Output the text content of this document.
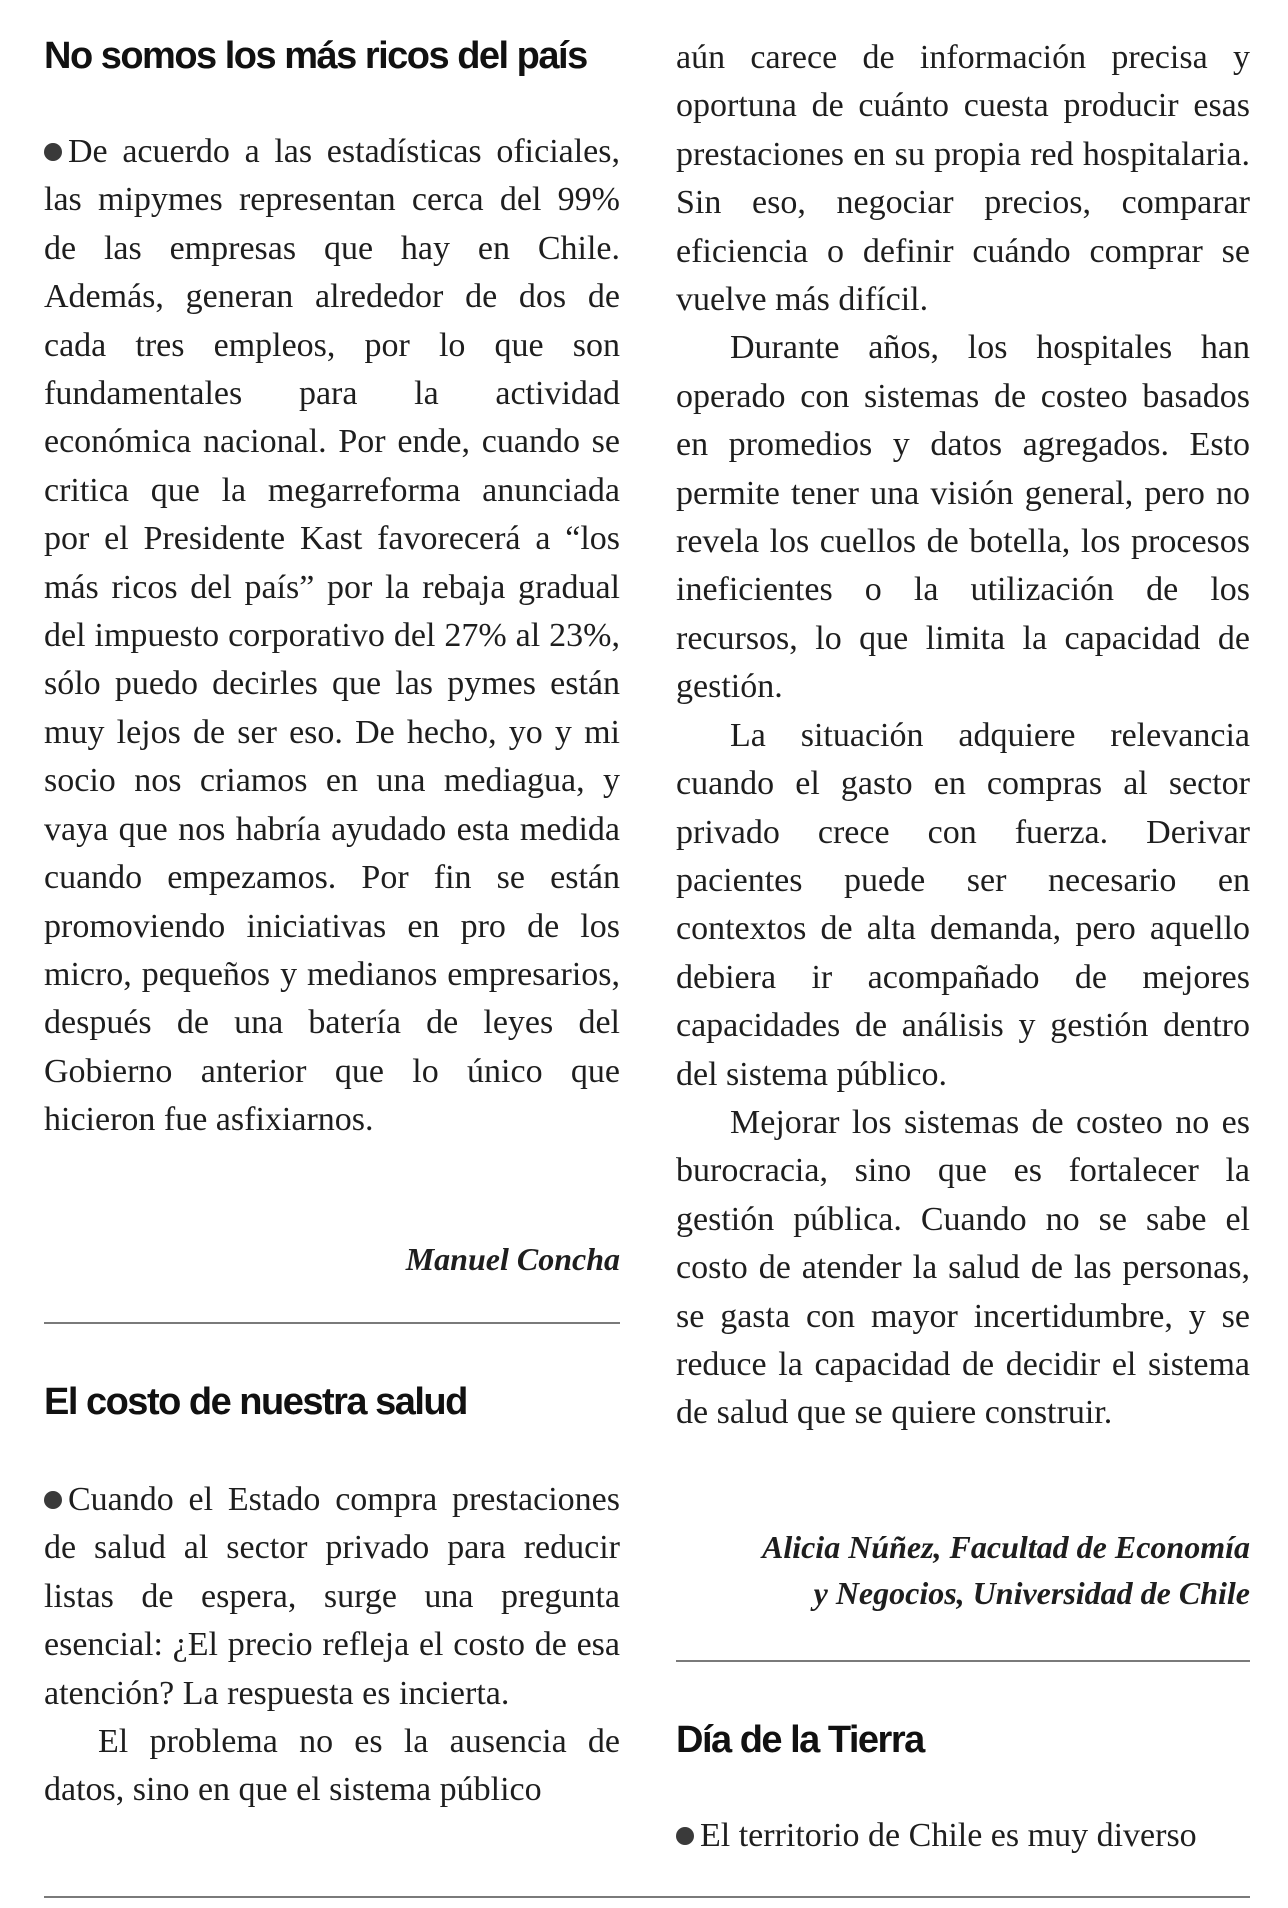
No somos los más ricos del país

De acuerdo a las estadísticas oficiales, las mipymes representan cerca del 99% de las empresas que hay en Chile. Además, generan alrededor de dos de cada tres empleos, por lo que son fundamentales para la actividad económica nacional. Por ende, cuando se critica que la megarreforma anunciada por el Presidente Kast favorecerá a “los más ricos del país” por la rebaja gradual del impuesto corporativo del 27% al 23%, sólo puedo decirles que las pymes están muy lejos de ser eso. De hecho, yo y mi socio nos criamos en una mediagua, y vaya que nos habría ayudado esta medida cuando empezamos. Por fin se están promoviendo iniciativas en pro de los micro, pequeños y medianos empresarios, después de una batería de leyes del Gobierno anterior que lo único que hicieron fue asfixiarnos.

Manuel Concha

El costo de nuestra salud

Cuando el Estado compra prestaciones de salud al sector privado para reducir listas de espera, surge una pregunta esencial: ¿El precio refleja el costo de esa atención? La respuesta es incierta.

El problema no es la ausencia de datos, sino en que el sistema público

aún carece de información precisa y oportuna de cuánto cuesta producir esas prestaciones en su propia red hospitalaria. Sin eso, negociar precios, comparar eficiencia o definir cuándo comprar se vuelve más difícil.

Durante años, los hospitales han operado con sistemas de costeo basados en promedios y datos agregados. Esto permite tener una visión general, pero no revela los cuellos de botella, los procesos ineficientes o la utilización de los recursos, lo que limita la capacidad de gestión.

La situación adquiere relevancia cuando el gasto en compras al sector privado crece con fuerza. Derivar pacientes puede ser necesario en contextos de alta demanda, pero aquello debiera ir acompañado de mejores capacidades de análisis y gestión dentro del sistema público.

Mejorar los sistemas de costeo no es burocracia, sino que es fortalecer la gestión pública. Cuando no se sabe el costo de atender la salud de las personas, se gasta con mayor incertidumbre, y se reduce la capacidad de decidir el sistema de salud que se quiere construir.

Alicia Núñez, Facultad de Economía

y Negocios, Universidad de Chile

Día de la Tierra

El territorio de Chile es muy diverso
